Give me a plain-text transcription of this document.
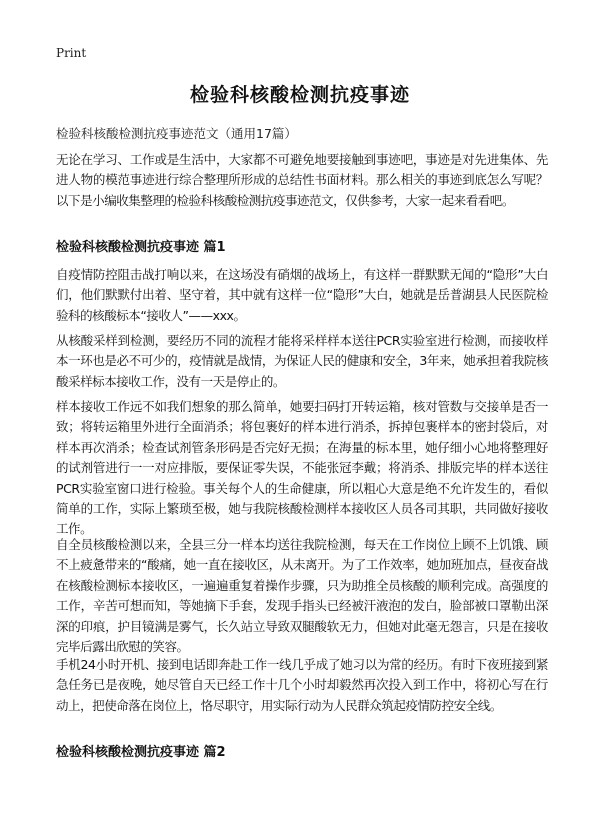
Print
检验科核酸检测抗疫事迹
检验科核酸检测抗疫事迹范文（通用17篇）

无论在学习、工作或是生活中，大家都不可避免地要接触到事迹吧，事迹是对先进集体、先进人物的模范事迹进行综合整理所形成的总结性书面材料。那么相关的事迹到底怎么写呢？以下是小编收集整理的检验科核酸检测抗疫事迹范文，仅供参考，大家一起来看看吧。

检验科核酸检测抗疫事迹 篇1

自疫情防控阻击战打响以来，在这场没有硝烟的战场上，有这样一群默默无闻的“隐形”大白们，他们默默付出着、坚守着，其中就有这样一位“隐形”大白，她就是岳普湖县人民医院检验科的核酸标本“接收人”——xxx。

从核酸采样到检测，要经历不同的流程才能将采样样本送往PCR实验室进行检测，而接收样本一环也是必不可少的，疫情就是战情，为保证人民的健康和安全，3年来，她承担着我院核酸采样标本接收工作，没有一天是停止的。

样本接收工作远不如我们想象的那么简单，她要扫码打开转运箱，核对管数与交接单是否一致；将转运箱里外进行全面消杀；将包裹好的样本进行消杀，拆掉包裹样本的密封袋后，对样本再次消杀；检查试剂管条形码是否完好无损；在海量的标本里，她仔细小心地将整理好的试剂管进行一一对应排版，要保证零失误，不能张冠李戴；将消杀、排版完毕的样本送往PCR实验室窗口进行检验。事关每个人的生命健康，所以粗心大意是绝不允许发生的，看似简单的工作，实际上繁琐至极，她与我院核酸检测样本接收区人员各司其职，共同做好接收工作。

自全员核酸检测以来，全县三分一样本均送往我院检测，每天在工作岗位上顾不上饥饿、顾不上疲惫带来的“酸痛，她一直在接收区，从未离开。为了工作效率，她加班加点，昼夜奋战在核酸检测标本接收区，一遍遍重复着操作步骤，只为助推全员核酸的顺利完成。高强度的工作，辛苦可想而知，等她摘下手套，发现手指头已经被汗液泡的发白，脸部被口罩勒出深深的印痕，护目镜满是雾气，长久站立导致双腿酸软无力，但她对此毫无怨言，只是在接收完毕后露出欣慰的笑容。

手机24小时开机、接到电话即奔赴工作一线几乎成了她习以为常的经历。有时下夜班接到紧急任务已是夜晚，她尽管自天已经工作十几个小时却毅然再次投入到工作中，将初心写在行动上，把使命落在岗位上，恪尽职守，用实际行动为人民群众筑起疫情防控安全线。

检验科核酸检测抗疫事迹 篇2
